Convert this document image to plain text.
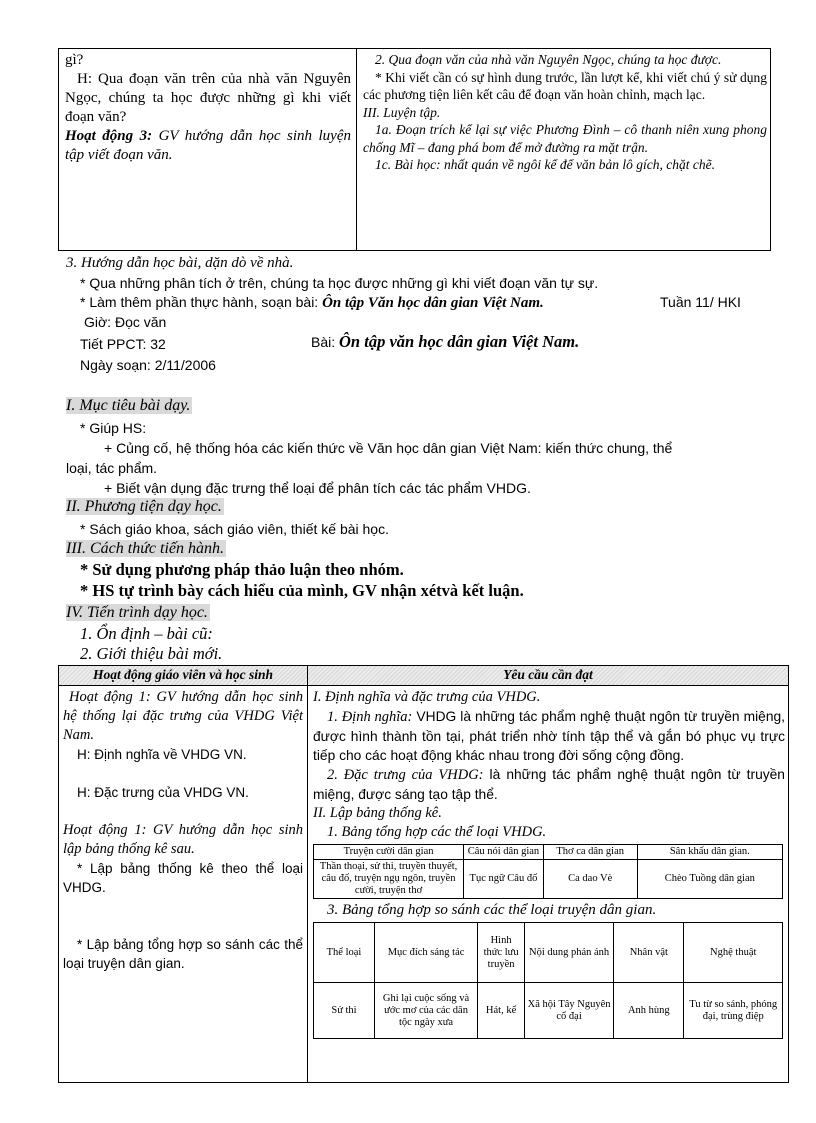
gì?
H: Qua đoạn văn trên của nhà văn Nguyên Ngọc, chúng ta học được những gì khi viết đoạn văn?
Hoạt động 3: GV hướng dẫn học sinh luyện tập viết đoạn văn.
2. Qua đoạn văn của nhà văn Nguyên Ngọc, chúng ta học được.
* Khi viết cần có sự hình dung trước, lần lượt kể, khi viết chú ý sử dụng các phương tiện liên kết câu để đoạn văn hoàn chỉnh, mạch lạc.
III. Luyện tập.
1a. Đoạn trích kể lại sự việc Phương Đình – cô thanh niên xung phong chống Mĩ – đang phá bom để mở đường ra mặt trận.
1c. Bài học: nhất quán về ngôi kể để văn bản lô gích, chặt chẽ.
3. Hướng dẫn học bài, dặn dò về nhà.
* Qua những phân tích ở trên, chúng ta học được những gì khi viết đoạn văn tự sự.
* Làm thêm phần thực hành, soạn bài: Ôn tập Văn học dân gian Việt Nam.	Tuần 11/ HKI
Giờ: Đọc văn
Tiết PPCT: 32	Bài: Ôn tập văn học dân gian Việt Nam.
Ngày soạn: 2/11/2006
I. Mục tiêu bài dạy.
* Giúp HS:
+ Củng cố, hệ thống hóa các kiến thức về Văn học dân gian Việt Nam: kiến thức chung, thể
loại, tác phẩm.
+ Biết vận dụng đặc trưng thể loại để phân tích các tác phẩm VHDG.
II. Phương tiện dạy học.
* Sách giáo khoa, sách giáo viên, thiết kế bài học.
III. Cách thức tiến hành.
* Sử dụng phương pháp thảo luận theo nhóm.
* HS tự trình bày cách hiểu của mình, GV nhận xétvà kết luận.
IV. Tiến trình dạy học.
1. Ổn định – bài cũ:
2. Giới thiệu bài mới.
Hoạt động giáo viên và học sinh	Yêu cầu cần đạt
Hoạt động 1: GV hướng dẫn học sinh hệ thống lại đặc trưng của VHDG Việt Nam.
H: Định nghĩa về VHDG VN.
H: Đặc trưng của VHDG VN.
Hoạt động 1: GV hướng dẫn học sinh lập bảng thống kê sau.
* Lập bảng thống kê theo thể loại VHDG.
* Lập bảng tổng hợp so sánh các thể loại truyện dân gian.
I. Định nghĩa và đặc trưng của VHDG.
1. Định nghĩa: VHDG là những tác phẩm nghệ thuật ngôn từ truyền miệng, được hình thành tồn tại, phát triển nhờ tính tập thể và gắn bó phục vụ trực tiếp cho các hoạt động khác nhau trong đời sống cộng đồng.
2. Đặc trưng của VHDG: là những tác phẩm nghệ thuật ngôn từ truyền miệng, được sáng tạo tập thể.
II. Lập bảng thống kê.
1. Bảng tổng hợp các thể loại VHDG.
Truyện cười dân gian	Câu nói dân gian	Thơ ca dân gian	Sân khấu dân gian.
Thần thoại, sử thi, truyền thuyết, câu đố, truyện ngụ ngôn, truyền cười, truyện thơ	Tục ngữ Câu đố	Ca dao Vè	Chèo Tuồng dân gian
3. Bảng tổng hợp so sánh các thể loại truyện dân gian.
Thể loại	Mục đích sáng tác	Hình thức lưu truyền	Nội dung phản ánh	Nhân vật	Nghệ thuật
Sử thi	Ghi lại cuộc sống và ước mơ của các dân tộc ngày xưa	Hát, kể	Xã hội Tây Nguyên cổ đại	Anh hùng	Tu từ so sánh, phóng đại, trùng điệp
